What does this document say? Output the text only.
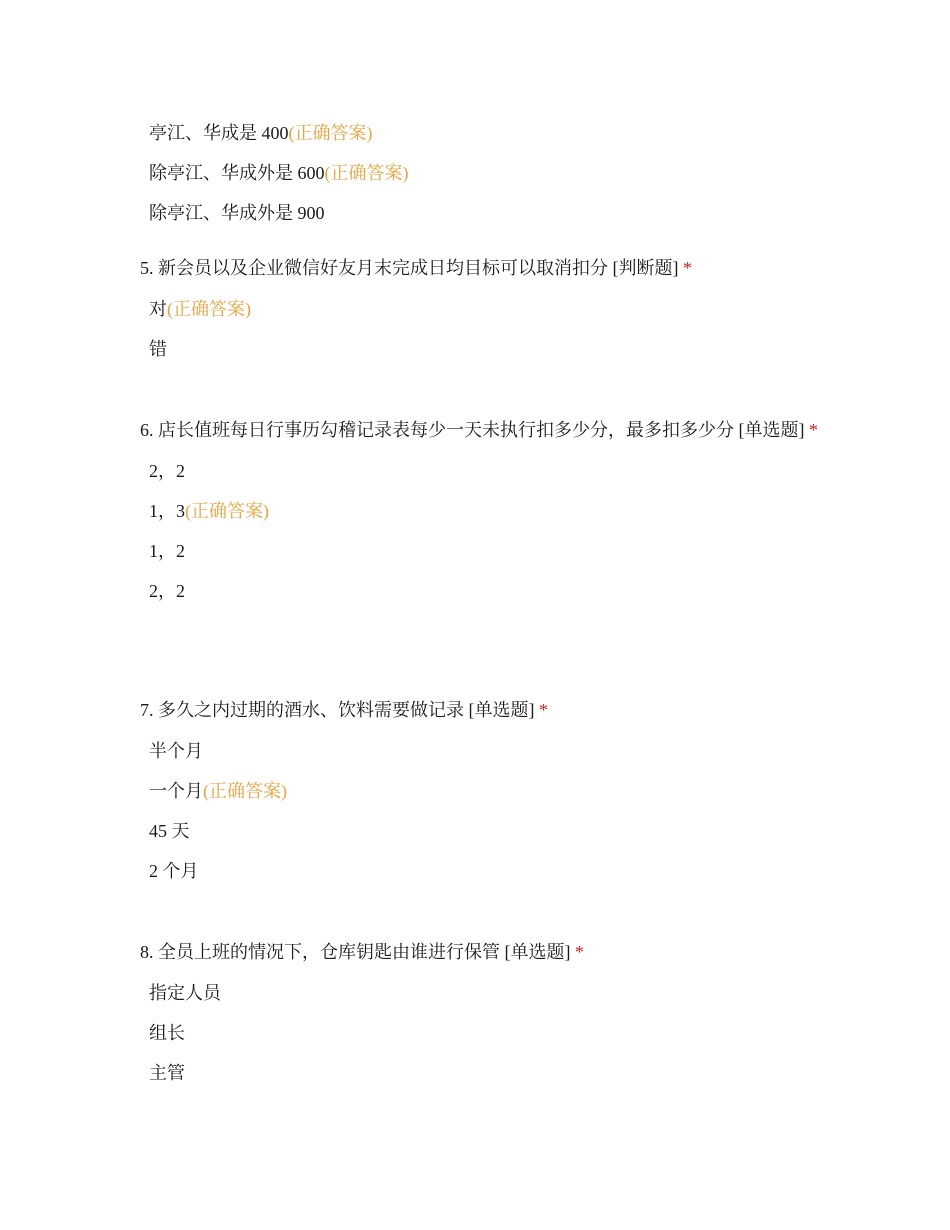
亭江、华成是 400(正确答案)
除亭江、华成外是 600(正确答案)
除亭江、华成外是 900
5. 新会员以及企业微信好友月末完成日均目标可以取消扣分 [判断题] *
对(正确答案)
错
6. 店长值班每日行事历勾稽记录表每少一天未执行扣多少分，最多扣多少分 [单选题] *
2，2
1，3(正确答案)
1，2
2，2
7. 多久之内过期的酒水、饮料需要做记录 [单选题] *
半个月
一个月(正确答案)
45 天
2 个月
8. 全员上班的情况下，仓库钥匙由谁进行保管 [单选题] *
指定人员
组长
主管
